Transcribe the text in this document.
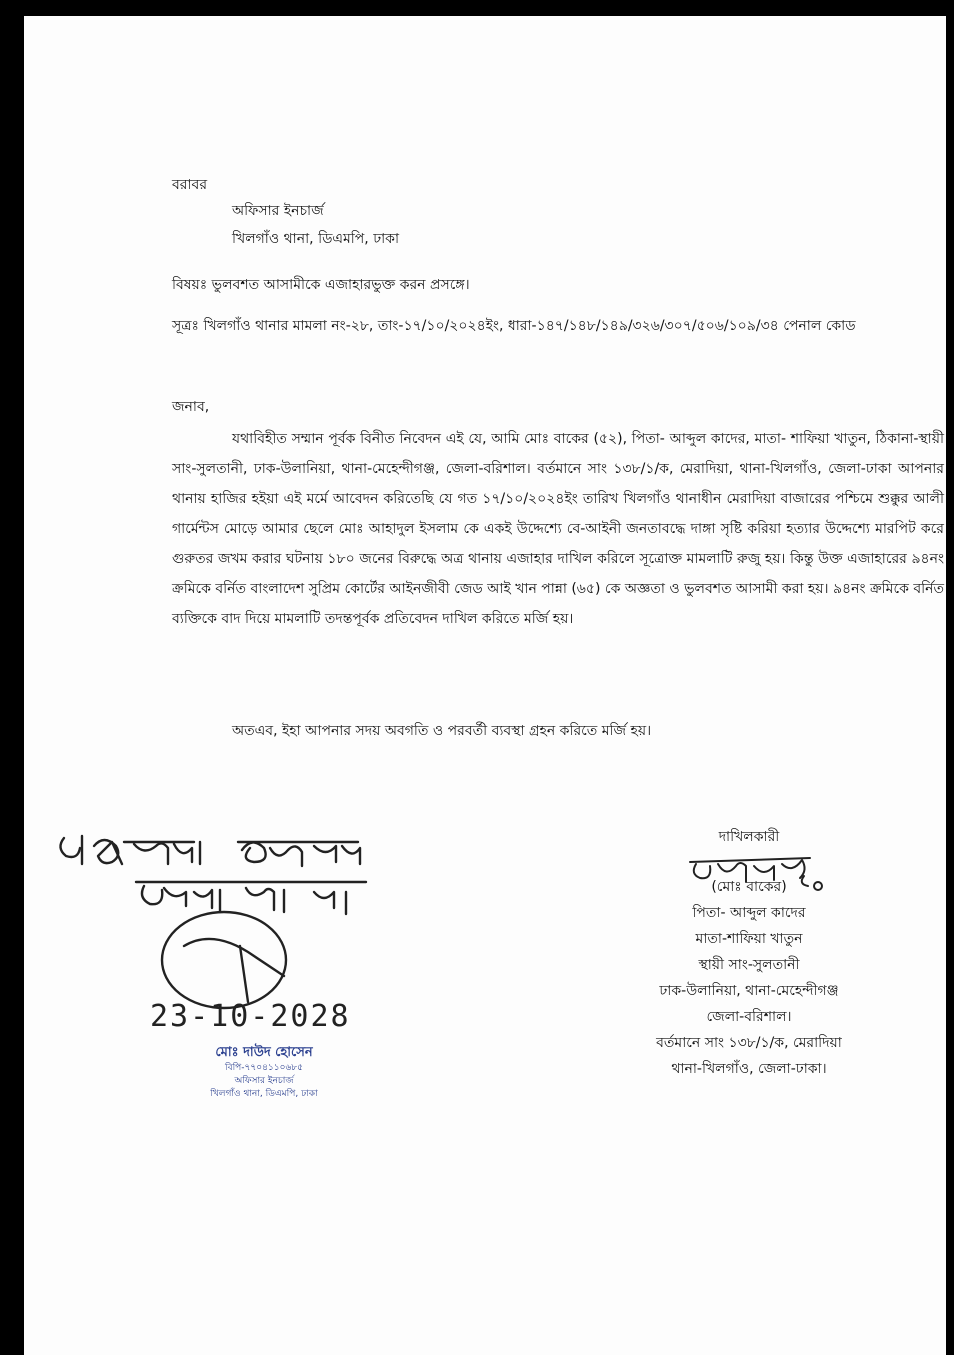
বরাবর
অফিসার ইনচার্জ
খিলগাঁও থানা, ডিএমপি, ঢাকা
বিষয়ঃ ভুলবশত আসামীকে এজাহারভুক্ত করন প্রসঙ্গে।
সূত্রঃ খিলগাঁও থানার মামলা নং-২৮, তাং-১৭/১০/২০২৪ইং, ধারা-১৪৭/১৪৮/১৪৯/৩২৬/৩০৭/৫০৬/১০৯/৩৪ পেনাল কোড
জনাব,
যথাবিহীত সম্মান পূর্বক বিনীত নিবেদন এই যে, আমি মোঃ বাকের (৫২), পিতা- আব্দুল কাদের, মাতা- শাফিয়া খাতুন, ঠিকানা-স্থায়ী সাং-সুলতানী, ঢাক-উলানিয়া, থানা-মেহেন্দীগঞ্জ, জেলা-বরিশাল। বর্তমানে সাং ১৩৮/১/ক, মেরাদিয়া, থানা-খিলগাঁও, জেলা-ঢাকা আপনার থানায় হাজির হইয়া এই মর্মে আবেদন করিতেছি যে গত ১৭/১০/২০২৪ইং তারিখ খিলগাঁও থানাধীন মেরাদিয়া বাজারের পশ্চিমে শুক্কুর আলী গার্মেন্টস মোড়ে আমার ছেলে মোঃ আহাদুল ইসলাম কে একই উদ্দেশ্যে বে-আইনী জনতাবদ্ধে দাঙ্গা সৃষ্টি করিয়া হত্যার উদ্দেশ্যে মারপিট করে গুরুতর জখম করার ঘটনায় ১৮০ জনের বিরুদ্ধে অত্র থানায় এজাহার দাখিল করিলে সূত্রোক্ত মামলাটি রুজু হয়। কিন্তু উক্ত এজাহারের ৯৪নং ক্রমিকে বর্নিত বাংলাদেশ সুপ্রিম কোর্টের আইনজীবী জেড আই খান পান্না (৬৫) কে অজ্ঞতা ও ভুলবশত আসামী করা হয়। ৯৪নং ক্রমিকে বর্নিত ব্যক্তিকে বাদ দিয়ে মামলাটি তদন্তপূর্বক প্রতিবেদন দাখিল করিতে মর্জি হয়।
অতএব, ইহা আপনার সদয় অবগতি ও পরবর্তী ব্যবস্থা গ্রহন করিতে মর্জি হয়।
23-10-2028
মোঃ দাউদ হোসেন
বিপি-৭৭০৪১১০৬৮৫
অফিসার ইনচার্জ
খিলগাঁও থানা, ডিএমপি, ঢাকা
দাখিলকারী
(মোঃ বাকের)
পিতা- আব্দুল কাদের
মাতা-শাফিয়া খাতুন
স্থায়ী সাং-সুলতানী
ঢাক-উলানিয়া, থানা-মেহেন্দীগঞ্জ
জেলা-বরিশাল।
বর্তমানে সাং ১৩৮/১/ক, মেরাদিয়া
থানা-খিলগাঁও, জেলা-ঢাকা।
